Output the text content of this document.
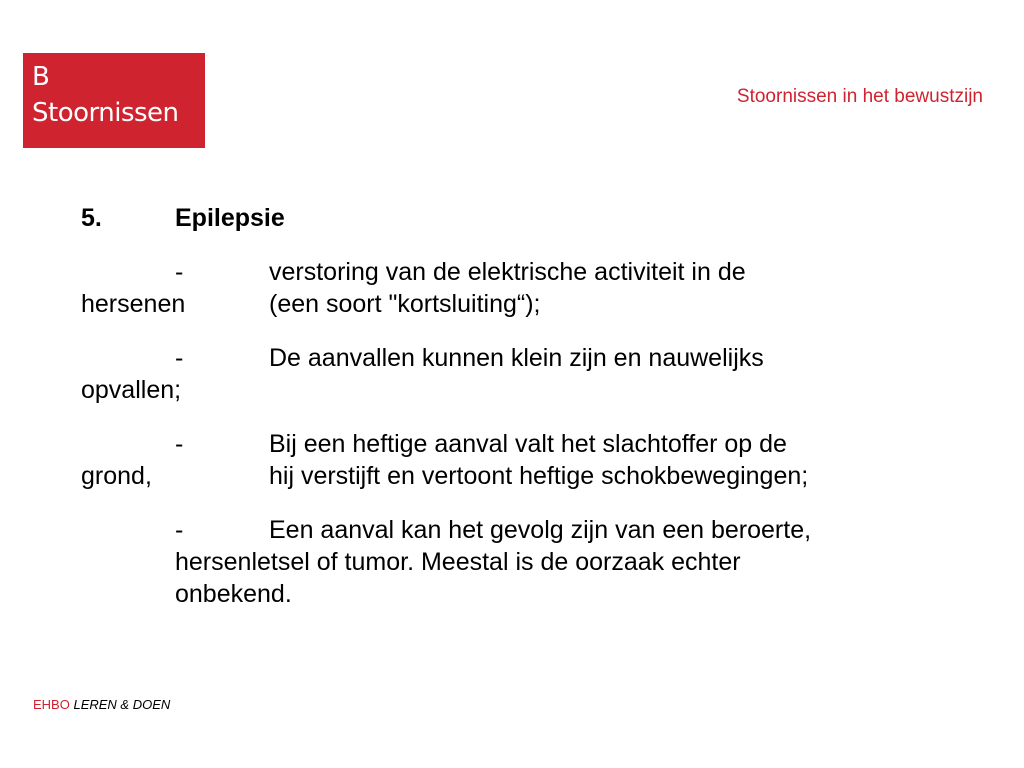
B
Stoornissen
Stoornissen in het bewustzijn
5.	Epilepsie
-	verstoring van de elektrische activiteit in de
hersenen	(een soort "kortsluiting“);
-	De aanvallen kunnen klein zijn en nauwelijks
opvallen;
-	Bij een heftige aanval valt het slachtoffer op de
grond,	hij verstijft en vertoont heftige schokbewegingen;
-	Een aanval kan het gevolg zijn van een beroerte,
hersenletsel of tumor. Meestal is de oorzaak echter
onbekend.
EHBO LEREN & DOEN
